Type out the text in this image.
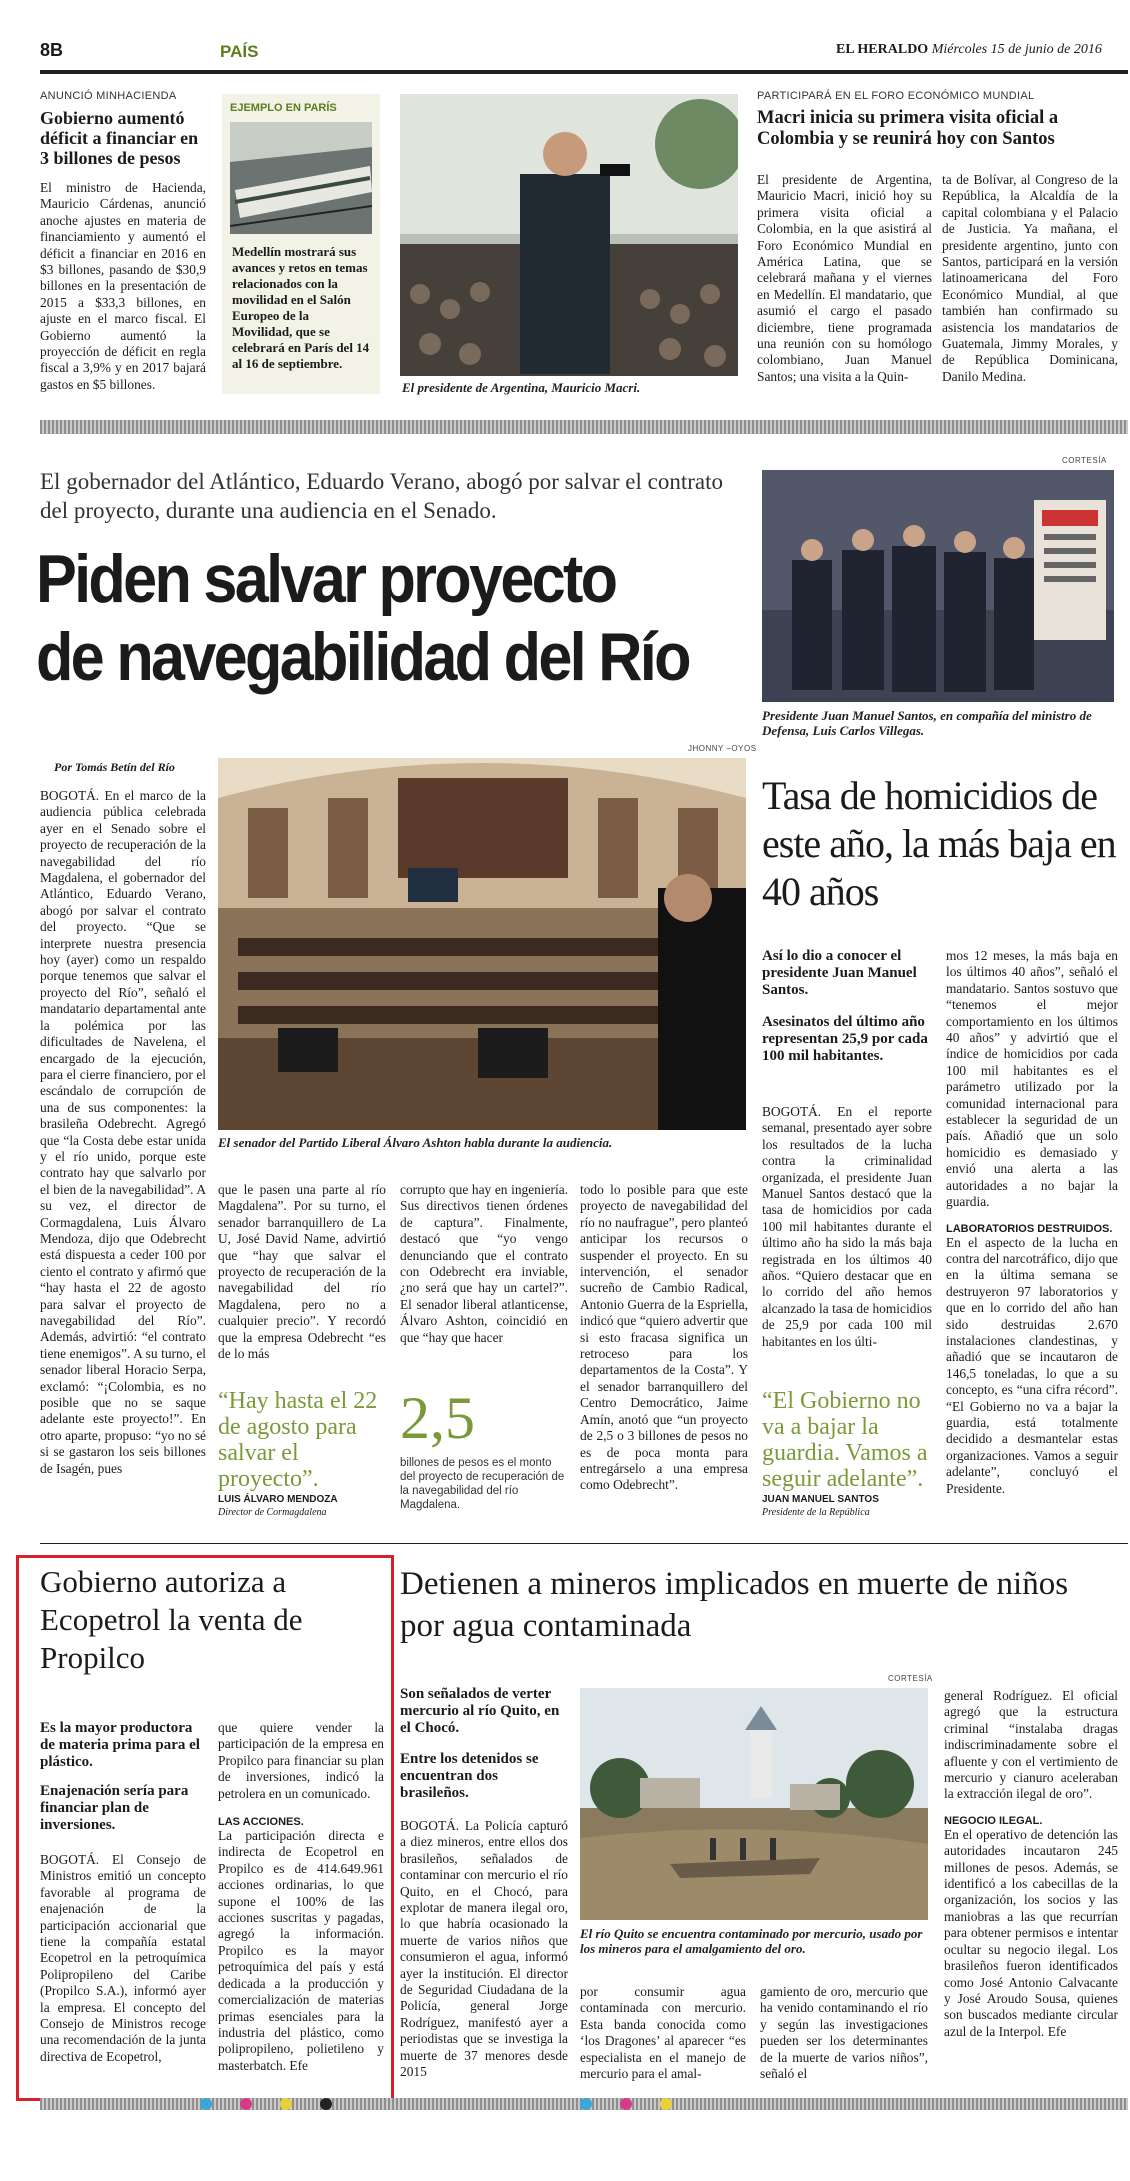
8B	PAÍS	EL HERALDO Miércoles 15 de junio de 2016
ANUNCIÓ MINHACIENDA
Gobierno aumentó déficit a financiar en 3 billones de pesos
El ministro de Hacienda, Mauricio Cárdenas, anunció anoche ajustes en materia de financiamiento y aumentó el déficit a financiar en 2016 en $3 billones, pasando de $30,9 billones en la presentación de 2015 a $33,3 billones, en ajuste en el marco fiscal. El Gobierno aumentó la proyección de déficit en regla fiscal a 3,9% y en 2017 bajará gastos en $5 billones.
EJEMPLO EN PARÍS
Medellín mostrará sus avances y retos en temas relacionados con la movilidad en el Salón Europeo de la Movilidad, que se celebrará en París del 14 al 16 de septiembre.
El presidente de Argentina, Mauricio Macri.
PARTICIPARÁ EN EL FORO ECONÓMICO MUNDIAL
Macri inicia su primera visita oficial a Colombia y se reunirá hoy con Santos
El presidente de Argentina, Mauricio Macri, inició hoy su primera visita oficial a Colombia, en la que asistirá al Foro Económico Mundial en América Latina, que se celebrará mañana y el viernes en Medellín. El mandatario, que asumió el cargo el pasado diciembre, tiene programada una reunión con su homólogo colombiano, Juan Manuel Santos; una visita a la Quin-
ta de Bolívar, al Congreso de la República, la Alcaldía de la capital colombiana y el Palacio de Justicia. Ya mañana, el presidente argentino, junto con Santos, participará en la versión latinoamericana del Foro Económico Mundial, al que también han confirmado su asistencia los mandatarios de Guatemala, Jimmy Morales, y de República Dominicana, Danilo Medina.
El gobernador del Atlántico, Eduardo Verano, abogó por salvar el contrato del proyecto, durante una audiencia en el Senado.
Piden salvar proyecto
de navegabilidad del Río
CORTESÍA
Presidente Juan Manuel Santos, en compañía del ministro de Defensa, Luis Carlos Villegas.
Por Tomás Betín del Río
JHONNY –OYOS
El senador del Partido Liberal Álvaro Ashton habla durante la audiencia.
BOGOTÁ. En el marco de la audiencia pública celebrada ayer en el Senado sobre el proyecto de recuperación de la navegabilidad del río Magdalena, el gobernador del Atlántico, Eduardo Verano, abogó por salvar el contrato del proyecto. “Que se interprete nuestra presencia hoy (ayer) como un respaldo porque tenemos que salvar el proyecto del Río”, señaló el mandatario departamental ante la polémica por las dificultades de Navelena, el encargado de la ejecución, para el cierre financiero, por el escándalo de corrupción de una de sus componentes: la brasileña Odebrecht. Agregó que “la Costa debe estar unida y el río unido, porque este contrato hay que salvarlo por el bien de la navegabilidad”. A su vez, el director de Cormagdalena, Luis Álvaro Mendoza, dijo que Odebrecht está dispuesta a ceder 100 por ciento el contrato y afirmó que “hay hasta el 22 de agosto para salvar el proyecto de navegabilidad del Río”. Además, advirtió: “el contrato tiene enemigos”. A su turno, el senador liberal Horacio Serpa, exclamó: “¡Colombia, es no posible que no se saque adelante este proyecto!”. En otro aparte, propuso: “yo no sé si se gastaron los seis billones de Isagén, pues
que le pasen una parte al río Magdalena”. Por su turno, el senador barranquillero de La U, José David Name, advirtió que “hay que salvar el proyecto de recuperación de la navegabilidad del río Magdalena, pero no a cualquier precio”. Y recordó que la empresa Odebrecht “es de lo más
corrupto que hay en ingeniería. Sus directivos tienen órdenes de captura”. Finalmente, destacó que “yo vengo denunciando que el contrato con Odebrecht era inviable, ¿no será que hay un cartel?”. El senador liberal atlanticense, Álvaro Ashton, coincidió en que “hay que hacer
todo lo posible para que este proyecto de navegabilidad del río no naufrague”, pero planteó anticipar los recursos o suspender el proyecto. En su intervención, el senador sucreño de Cambio Radical, Antonio Guerra de la Espriella, indicó que “quiero advertir que si esto fracasa significa un retroceso para los departamentos de la Costa”. Y el senador barranquillero del Centro Democrático, Jaime Amín, anotó que “un proyecto de 2,5 o 3 billones de pesos no es de poca monta para entregárselo a una empresa como Odebrecht”.
“Hay hasta el 22 de agosto para salvar el proyecto”.
LUIS ÁLVARO MENDOZA
Director de Cormagdalena
2,5
billones de pesos es el monto del proyecto de recuperación de la navegabilidad del río Magdalena.
Tasa de homicidios de este año, la más baja en 40 años
Así lo dio a conocer el presidente Juan Manuel Santos.
Asesinatos del último año representan 25,9 por cada 100 mil habitantes.
BOGOTÁ. En el reporte semanal, presentado ayer sobre los resultados de la lucha contra la criminalidad organizada, el presidente Juan Manuel Santos destacó que la tasa de homicidios por cada 100 mil habitantes durante el último año ha sido la más baja registrada en los últimos 40 años. “Quiero destacar que en lo corrido del año hemos alcanzado la tasa de homicidios de 25,9 por cada 100 mil habitantes en los últi-
“El Gobierno no va a bajar la guardia. Vamos a seguir adelante”.
JUAN MANUEL SANTOS
Presidente de la República
mos 12 meses, la más baja en los últimos 40 años”, señaló el mandatario. Santos sostuvo que “tenemos el mejor comportamiento en los últimos 40 años” y advirtió que el índice de homicidios por cada 100 mil habitantes es el parámetro utilizado por la comunidad internacional para establecer la seguridad de un país. Añadió que un solo homicidio es demasiado y envió una alerta a las autoridades a no bajar la guardia.
LABORATORIOS DESTRUIDOS.
En el aspecto de la lucha en contra del narcotráfico, dijo que en la última semana se destruyeron 97 laboratorios y que en lo corrido del año han sido destruidas 2.670 instalaciones clandestinas, y añadió que se incautaron de 146,5 toneladas, lo que a su concepto, es “una cifra récord”. “El Gobierno no va a bajar la guardia, está totalmente decidido a desmantelar estas organizaciones. Vamos a seguir adelante”, concluyó el Presidente.
Gobierno autoriza a Ecopetrol la venta de Propilco
Es la mayor productora de materia prima para el plástico.
Enajenación sería para financiar plan de inversiones.
BOGOTÁ. El Consejo de Ministros emitió un concepto favorable al programa de enajenación de la participación accionarial que tiene la compañía estatal Ecopetrol en la petroquímica Polipropileno del Caribe (Propilco S.A.), informó ayer la empresa. El concepto del Consejo de Ministros recoge una recomendación de la junta directiva de Ecopetrol,
que quiere vender la participación de la empresa en Propilco para financiar su plan de inversiones, indicó la petrolera en un comunicado.
LAS ACCIONES.
La participación directa e indirecta de Ecopetrol en Propilco es de 414.649.961 acciones ordinarias, lo que supone el 100% de las acciones suscritas y pagadas, agregó la información. Propilco es la mayor petroquímica del país y está dedicada a la producción y comercialización de materias primas esenciales para la industria del plástico, como polipropileno, polietileno y masterbatch. Efe
Detienen a mineros implicados en muerte de niños por agua contaminada
CORTESÍA
Son señalados de verter mercurio al río Quito, en el Chocó.
Entre los detenidos se encuentran dos brasileños.
BOGOTÁ. La Policía capturó a diez mineros, entre ellos dos brasileños, señalados de contaminar con mercurio el río Quito, en el Chocó, para explotar de manera ilegal oro, lo que habría ocasionado la muerte de varios niños que consumieron el agua, informó ayer la institución. El director de Seguridad Ciudadana de la Policía, general Jorge Rodríguez, manifestó ayer a periodistas que se investiga la muerte de 37 menores desde 2015
El río Quito se encuentra contaminado por mercurio, usado por los mineros para el amalgamiento del oro.
por consumir agua contaminada con mercurio. Esta banda conocida como ‘los Dragones’ al aparecer “es especialista en el manejo de mercurio para el amal-
gamiento de oro, mercurio que ha venido contaminando el río y según las investigaciones pueden ser los determinantes de la muerte de varios niños”, señaló el
general Rodríguez. El oficial agregó que la estructura criminal “instalaba dragas indiscriminadamente sobre el afluente y con el vertimiento de mercurio y cianuro aceleraban la extracción ilegal de oro”.
NEGOCIO ILEGAL.
En el operativo de detención las autoridades incautaron 245 millones de pesos. Además, se identificó a los cabecillas de la organización, los socios y las maniobras a las que recurrían para obtener permisos e intentar ocultar su negocio ilegal. Los brasileños fueron identificados como José Antonio Calvacante y José Aroudo Sousa, quienes son buscados mediante circular azul de la Interpol. Efe
